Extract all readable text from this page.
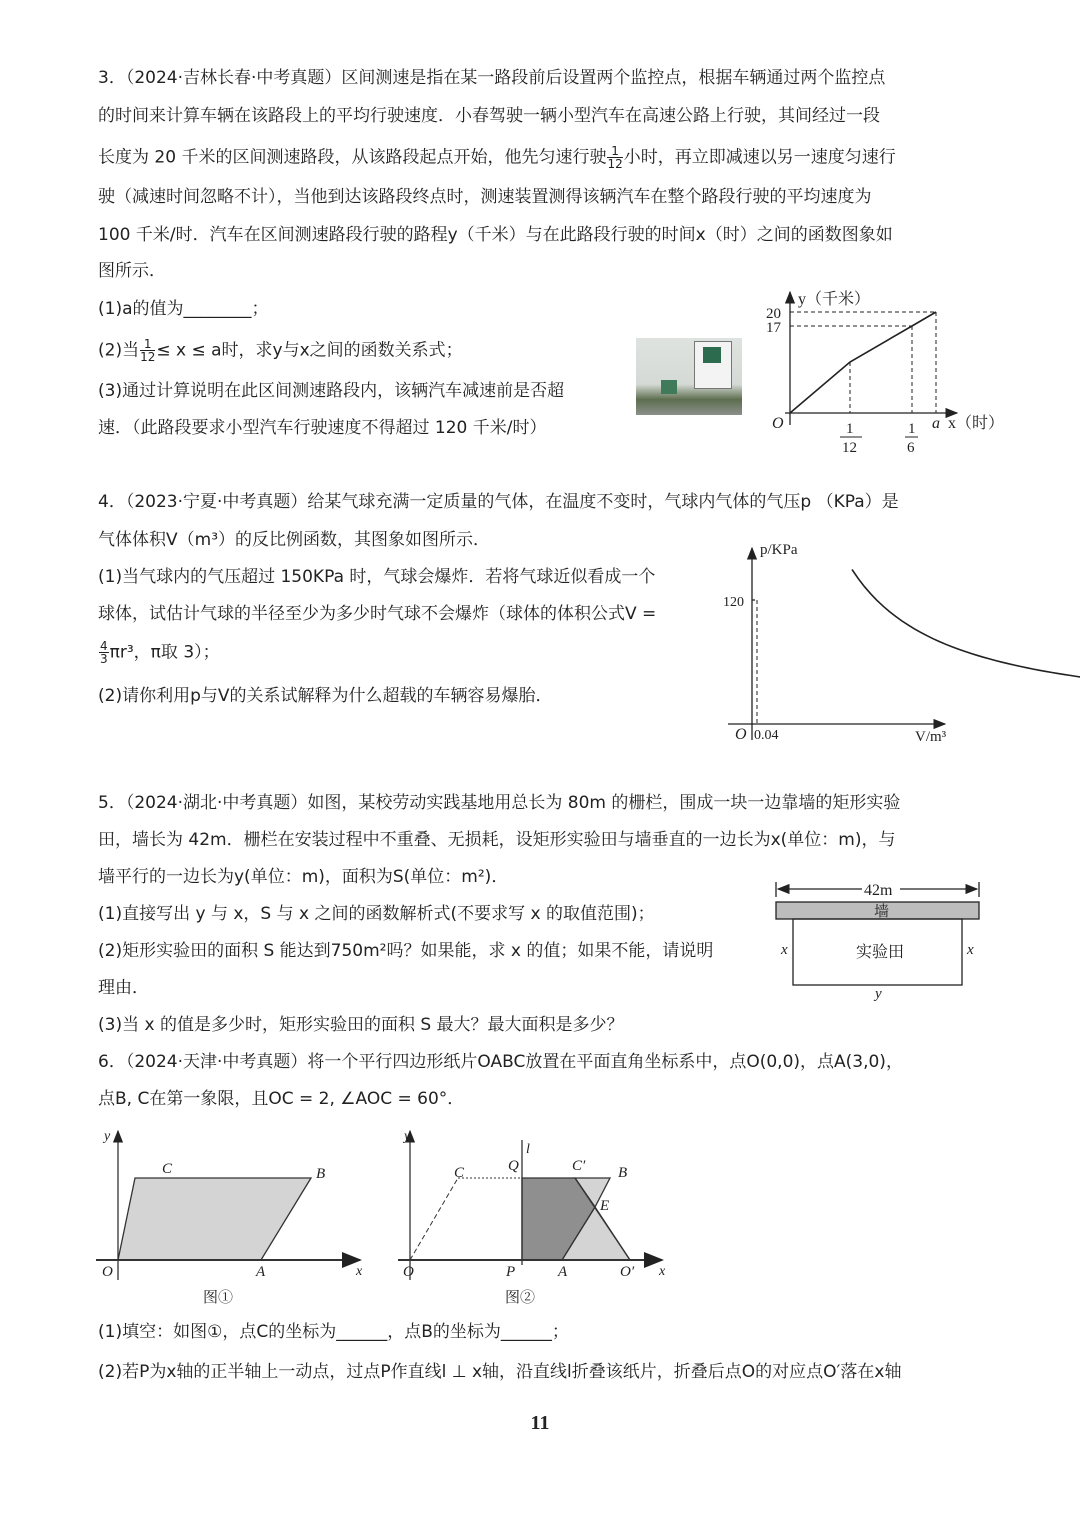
3．（2024·吉林长春·中考真题）区间测速是指在某一路段前后设置两个监控点，根据车辆通过两个监控点
的时间来计算车辆在该路段上的平均行驶速度．小春驾驶一辆小型汽车在高速公路上行驶，其间经过一段
长度为 20 千米的区间测速路段，从该路段起点开始，他先匀速行驶 $\frac{1}{12}$ 小时，再立即减速以另一速度匀速行
驶（减速时间忽略不计），当他到达该路段终点时，测速装置测得该辆汽车在整个路段行驶的平均速度为
100 千米/时．汽车在区间测速路段行驶的路程y（千米）与在此路段行驶的时间x（时）之间的函数图象如
图所示．
(1)a的值为________；
(2)当 $\frac{1}{12} \le x \le a$时，求y与x之间的函数关系式；
(3)通过计算说明在此区间测速路段内，该辆汽车减速前是否超
速．（此路段要求小型汽车行驶速度不得超过 120 千米/时）
4．（2023·宁夏·中考真题）给某气球充满一定质量的气体，在温度不变时，气球内气体的气压p （KPa）是
气体体积V（m³）的反比例函数，其图象如图所示．
(1)当气球内的气压超过 150KPa 时，气球会爆炸．若将气球近似看成一个
球体，试估计气球的半径至少为多少时气球不会爆炸（球体的体积公式V =
$\frac{4}{3} \pi r^3$，π取 3）；
(2)请你利用p与V的关系试解释为什么超载的车辆容易爆胎．
5．（2024·湖北·中考真题）如图，某校劳动实践基地用总长为 80m 的栅栏，围成一块一边靠墙的矩形实验
田，墙长为 42m．栅栏在安装过程中不重叠、无损耗，设矩形实验田与墙垂直的一边长为x(单位：m)，与
墙平行的一边长为y(单位：m)，面积为S(单位：m²)．
(1)直接写出 y 与 x，S 与 x 之间的函数解析式(不要求写 x 的取值范围)；
(2)矩形实验田的面积 S 能达到750m²吗？如果能，求 x 的值；如果不能，请说明
理由．
(3)当 x 的值是多少时，矩形实验田的面积 S 最大？最大面积是多少？
6．（2024·天津·中考真题）将一个平行四边形纸片OABC放置在平面直角坐标系中，点O(0,0)，点A(3,0)，
点B, C在第一象限，且OC = 2, ∠AOC = 60°．
(1)填空：如图①，点C的坐标为______，点B的坐标为______；
(2)若P为x轴的正半轴上一动点，过点P作直线l ⊥ x轴，沿直线l折叠该纸片，折叠后点O的对应点O′落在x轴
y（千米）
20
17
O	1
12
1
6
a x（时）
p/KPa
120
O 0.04	V/m³
42m
墙
实验田
x	x
y
y
x
O	A
B
C
图①
y
x
l
O	P	A	O′
C	Q	C′ B
E
图②
11
